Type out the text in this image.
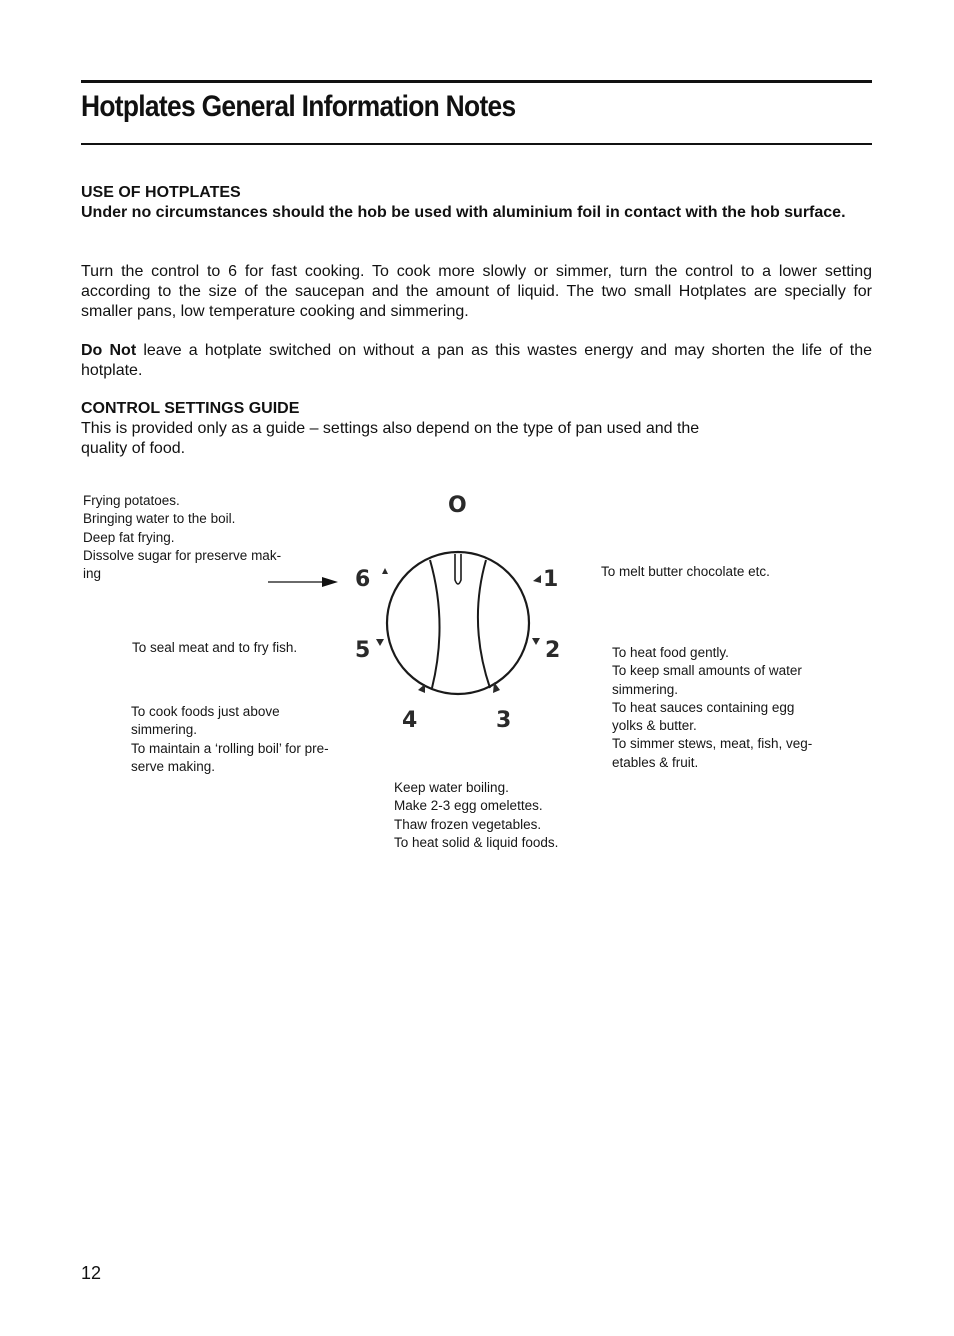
Hotplates General Information Notes
USE OF HOTPLATES
Under no circumstances should the hob be used with aluminium foil in contact with the hob surface.

Turn the control to 6 for fast cooking. To cook more slowly or simmer, turn the control to a lower setting according to the size of the saucepan and the amount of liquid. The two small Hotplates are specially for smaller pans, low temperature cooking and simmering.

Do Not leave a hotplate switched on without a pan as this wastes energy and may shorten the life of the hotplate.

CONTROL SETTINGS GUIDE
This is provided only as a guide – settings also depend on the type of pan used and the
quality of food.
O
1
2
3
4
5
6
Frying potatoes.
Bringing water to the boil.
Deep fat frying.
Dissolve sugar for preserve mak-
ing	To melt butter chocolate etc.
To seal meat and to fry fish.	To heat food gently.
To keep small amounts of water
simmering.
To heat sauces containing egg
yolks & butter.
To simmer stews, meat, fish, veg-
etables & fruit.
To cook foods just above
simmering.
To maintain a ‘rolling boil’ for pre-
serve making.
Keep water boiling.
Make 2-3 egg omelettes.
Thaw frozen vegetables.
To heat solid & liquid foods.
12
